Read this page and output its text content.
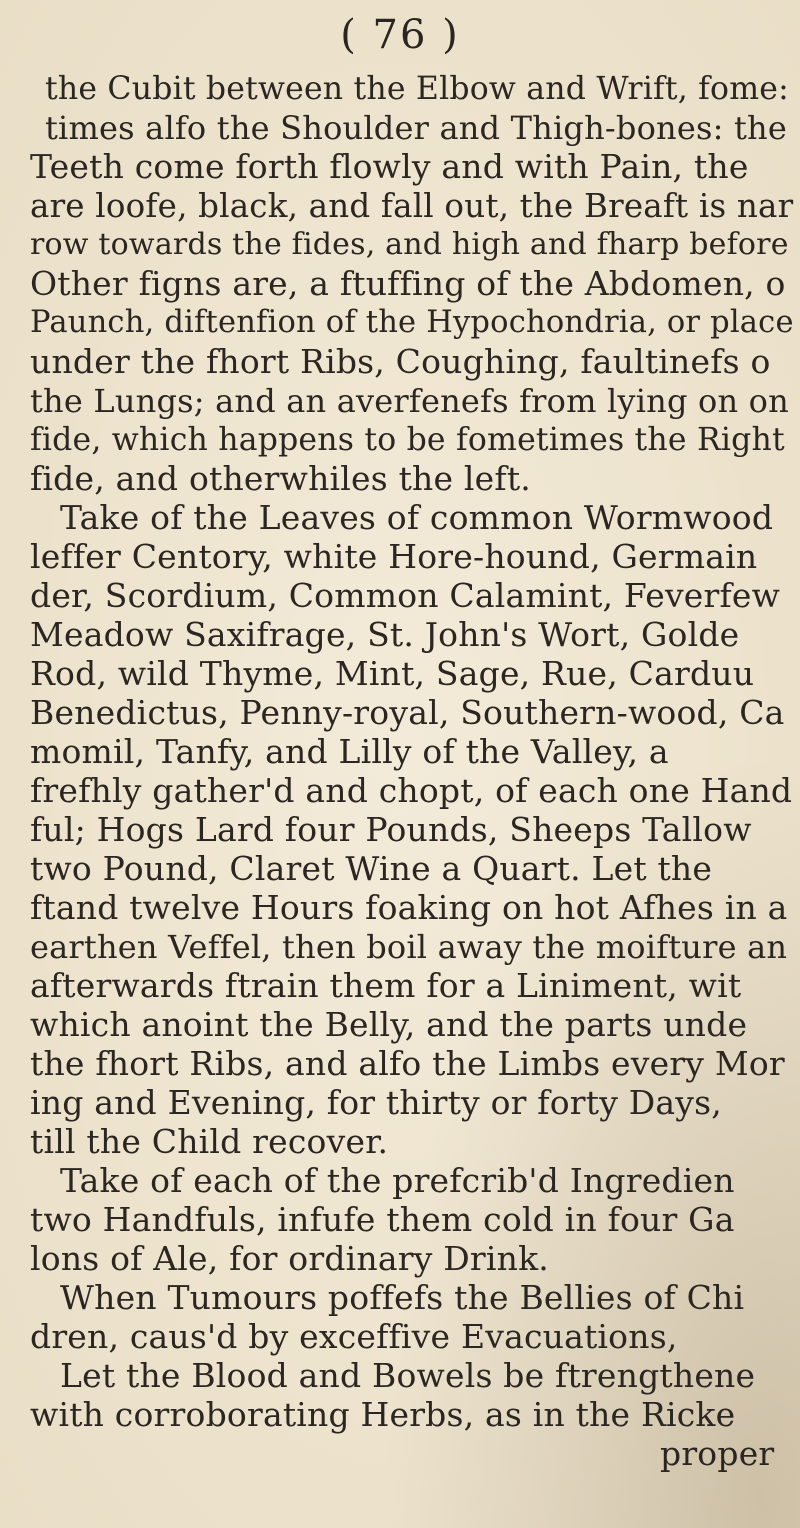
( 76 )
the Cubit between the Elbow and Wrift, fome:
times alfo the Shoulder and Thigh-bones: the
Teeth come forth flowly and with Pain, the
are loofe, black, and fall out, the Breaft is nar
row towards the fides, and high and fharp before
Other figns are, a ftuffing of the Abdomen, o
Paunch, diftenfion of the Hypochondria, or place
under the fhort Ribs, Coughing, faultinefs o
the Lungs; and an averfenefs from lying on on
fide, which happens to be fometimes the Right
fide, and otherwhiles the left.
Take of the Leaves of common Wormwood
leffer Centory, white Hore-hound, Germain
der, Scordium, Common Calamint, Feverfew
Meadow Saxifrage, St. John's Wort, Golde
Rod, wild Thyme, Mint, Sage, Rue, Carduu
Benedictus, Penny-royal, Southern-wood, Ca
momil, Tanfy, and Lilly of the Valley, a
frefhly gather'd and chopt, of each one Hand
ful; Hogs Lard four Pounds, Sheeps Tallow
two Pound, Claret Wine a Quart. Let the
ftand twelve Hours foaking on hot Afhes in a
earthen Veffel, then boil away the moifture an
afterwards ftrain them for a Liniment, wit
which anoint the Belly, and the parts unde
the fhort Ribs, and alfo the Limbs every Mor
ing and Evening, for thirty or forty Days,
till the Child recover.
Take of each of the prefcrib'd Ingredien
two Handfuls, infufe them cold in four Ga
lons of Ale, for ordinary Drink.
When Tumours poffefs the Bellies of Chi
dren, caus'd by exceffive Evacuations,
Let the Blood and Bowels be ftrengthene
with corroborating Herbs, as in the Ricke
proper
